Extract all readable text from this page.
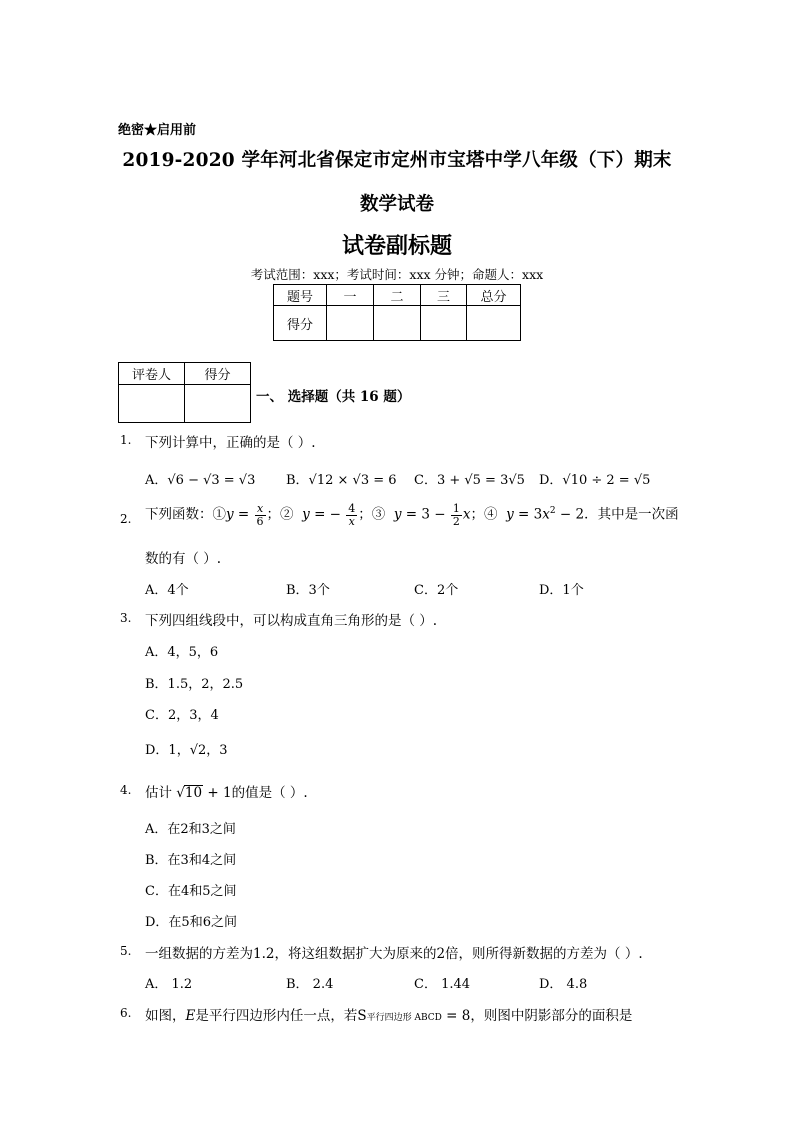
绝密★启用前
2019-2020 学年河北省保定市定州市宝塔中学八年级（下）期末
数学试卷
试卷副标题
考试范围：xxx；考试时间：xxx 分钟；命题人：xxx
题号	一	二	三	总分
得分				
评卷人	得分

一、 选择题（共 16 题）
1. 下列计算中，正确的是（ ）.
A．√6 − √3 = √3 B．√12 × √3 = 6 C．3 + √5 = 3√5 D．√10 ÷ 2 = √5
2. 下列函数：①y = $\frac{x}{6}$ ；② y = − $\frac{4}{x}$ ；③ $y = 3 - \frac{1}{2}$ x；④ $y = 3x^2 - 2$．其中是一次函
数的有（ ）.
A．4个	B．3个	C．2个	D．1个
3. 下列四组线段中，可以构成直角三角形的是（ ）.
A．4，5，6
B．1.5，2，2.5
C．2，3，4
D．1，√2，3
4. 估计 √10 + 1的值是（ ）.
A．在2和3之间
B．在3和4之间
C．在4和5之间
D．在5和6之间
5. 一组数据的方差为1.2，将这组数据扩大为原来的2倍，则所得新数据的方差为（ ）.
A． 1.2	B． 2.4	C． 1.44	D． 4.8
6. 如图，E是平行四边形内任一点，若S平行四边形 ABCD = 8，则图中阴影部分的面积是
